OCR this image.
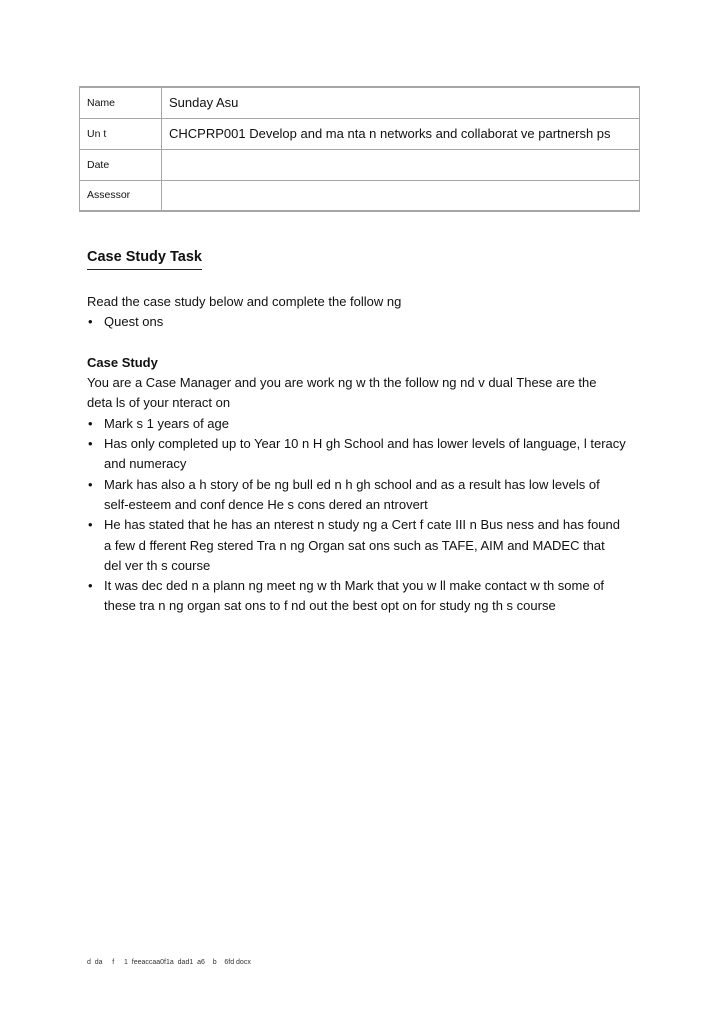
Name	Sunday Asu
Un t	CHCPRP001 Develop and ma nta n networks and collaborat ve partnersh ps
Date	
Assessor	
Case Study Task

Read the case study below and complete the follow ng

• Quest ons

Case Study

You are a Case Manager and you are work ng w th the follow ng nd v dual These are the

deta ls of your nteract on

• Mark s 1 years of age
• Has only completed up to Year 10 n H gh School and has lower levels of language, l teracy
and numeracy
• Mark has also a h story of be ng bull ed n h gh school and as a result has low levels of
self-esteem and conf dence He s cons dered an ntrovert
• He has stated that he has an nterest n study ng a Cert f cate III n Bus ness and has found
a few d fferent Reg stered Tra n ng Organ sat ons such as TAFE, AIM and MADEC that
del ver th s course
• It was dec ded n a plann ng meet ng w th Mark that you w ll make contact w th some of
these tra n ng organ sat ons to f nd out the best opt on for study ng th s course
d  da     f     1  feeaccaa0f1a  dad1  a6    b    6fd docx
